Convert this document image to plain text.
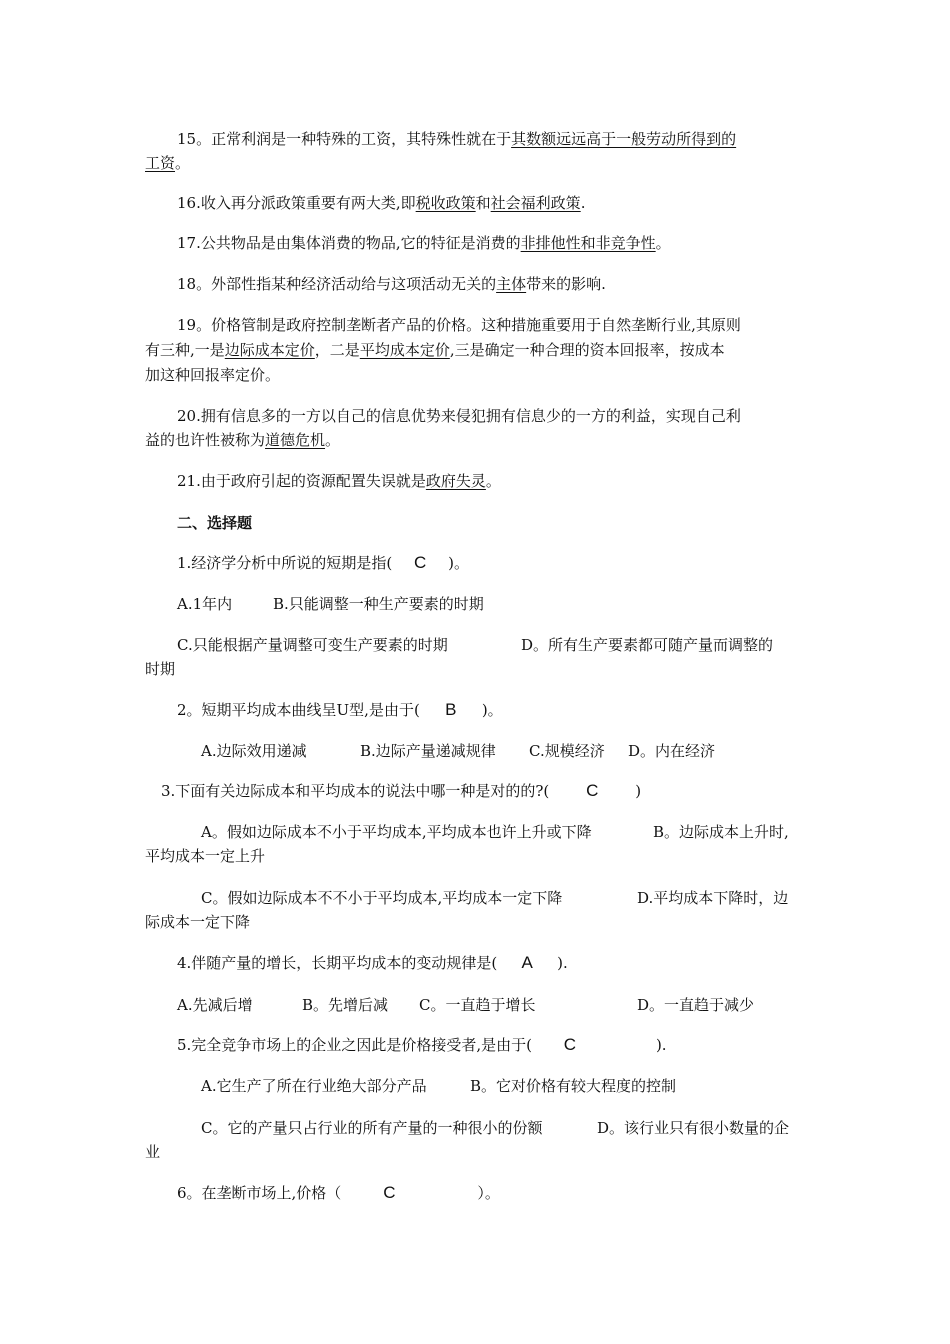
15。正常利润是一种特殊的工资，其特殊性就在于其数额远远高于一般劳动所得到的
工资。
16.收入再分派政策重要有两大类,即税收政策和社会福利政策.
17.公共物品是由集体消费的物品,它的特征是消费的非排他性和非竞争性。
18。外部性指某种经济活动给与这项活动无关的主体带来的影响.
19。价格管制是政府控制垄断者产品的价格。这种措施重要用于自然垄断行业,其原则
有三种,一是边际成本定价，二是平均成本定价,三是确定一种合理的资本回报率，按成本
加这种回报率定价。
20.拥有信息多的一方以自己的信息优势来侵犯拥有信息少的一方的利益，实现自己利
益的也许性被称为道德危机。
21.由于政府引起的资源配置失误就是政府失灵。
二、选择题
1.经济学分析中所说的短期是指( C )。
A.1年内	B.只能调整一种生产要素的时期
C.只能根据产量调整可变生产要素的时期	D。所有生产要素都可随产量而调整的
时期
2。短期平均成本曲线呈U型,是由于( B )。
A.边际效用递减	B.边际产量递减规律 C.规模经济 D。内在经济
3.下面有关边际成本和平均成本的说法中哪一种是对的的?( C )
A。假如边际成本不小于平均成本,平均成本也许上升或下降	B。边际成本上升时,
平均成本一定上升
C。假如边际成本不不小于平均成本,平均成本一定下降	D.平均成本下降时，边
际成本一定下降
4.伴随产量的增长，长期平均成本的变动规律是( A ).
A.先减后增	B。先增后减 C。一直趋于增长	D。一直趋于减少
5.完全竞争市场上的企业之因此是价格接受者,是由于( C	).
A.它生产了所在行业绝大部分产品	B。它对价格有较大程度的控制
C。它的产量只占行业的所有产量的一种很小的份额	D。该行业只有很小数量的企
业
6。在垄断市场上,价格（ C	）。
